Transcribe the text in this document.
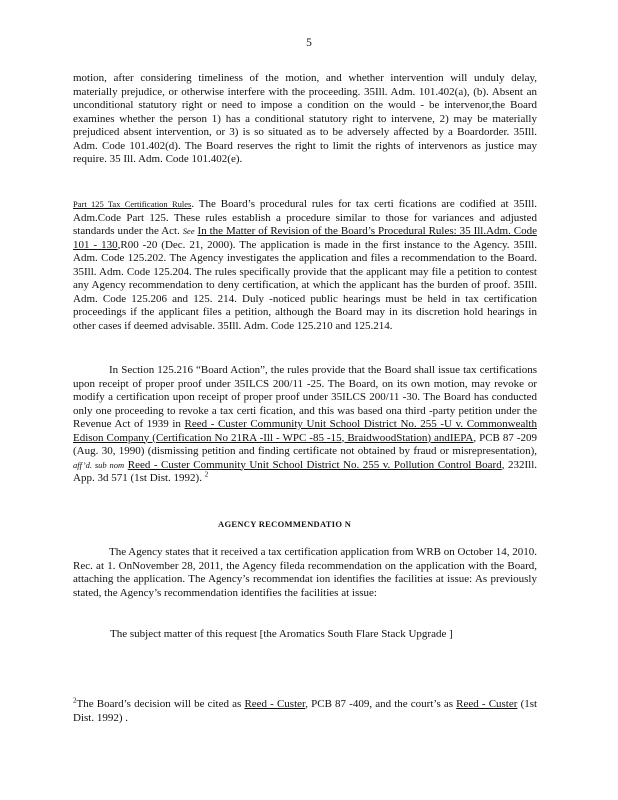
5
motion, after considering timeliness of the motion, and whether intervention will unduly delay, materially prejudice, or otherwise interfere with the proceeding. 35Ill. Adm. 101.402(a), (b). Absent an unconditional statutory right or need to impose a condition on the would - be intervenor,the Board examines whether the person 1) has a conditional statutory right to intervene, 2) may be materially prejudiced absent intervention, or 3) is so situated as to be adversely affected by a Boardorder. 35Ill. Adm. Code 101.402(d). The Board reserves the right to limit the rights of intervenors as justice may require. 35 Ill. Adm. Code 101.402(e).
Part 125 Tax Certification Rules. The Board’s procedural rules for tax certi fications are codified at 35Ill. Adm.Code Part 125. These rules establish a procedure similar to those for variances and adjusted standards under the Act. See In the Matter of Revision of the Board’s Procedural Rules: 35 Ill.Adm. Code 101 - 130,R00 -20 (Dec. 21, 2000). The application is made in the first instance to the Agency. 35Ill. Adm. Code 125.202. The Agency investigates the application and files a recommendation to the Board. 35Ill. Adm. Code 125.204. The rules specifically provide that the applicant may file a petition to contest any Agency recommendation to deny certification, at which the applicant has the burden of proof. 35Ill. Adm. Code 125.206 and 125. 214. Duly -noticed public hearings must be held in tax certification proceedings if the applicant files a petition, although the Board may in its discretion hold hearings in other cases if deemed advisable. 35Ill. Adm. Code 125.210 and 125.214.
In Section 125.216 “Board Action”, the rules provide that the Board shall issue tax certifications upon receipt of proper proof under 35ILCS 200/11 -25. The Board, on its own motion, may revoke or modify a certification upon receipt of proper proof under 35ILCS 200/11 -30. The Board has conducted only one proceeding to revoke a tax certi fication, and this was based ona third -party petition under the Revenue Act of 1939 in Reed - Custer Community Unit School District No. 255 -U v. Commonwealth Edison Company (Certification No 21RA -Ill - WPC -85 -15, BraidwoodStation) andIEPA, PCB 87 -209 (Aug. 30, 1990) (dismissing petition and finding certificate not obtained by fraud or misrepresentation), aff’d. sub nom Reed - Custer Community Unit School District No. 255 v. Pollution Control Board, 232Ill. App. 3d 571 (1st Dist. 1992). $^2$
AGENCY RECOMMENDATIO N
The Agency states that it received a tax certification application from WRB on October 14, 2010. Rec. at 1. OnNovember 28, 2011, the Agency fileda recommendation on the application with the Board, attaching the application. The Agency’s recommendat ion identifies the facilities at issue: As previously stated, the Agency’s recommendation identifies the facilities at issue:
The subject matter of this request [the Aromatics South Flare Stack Upgrade ]
$^2$The Board’s decision will be cited as Reed - Custer, PCB 87 -409, and the court’s as Reed - Custer (1st Dist. 1992) .
